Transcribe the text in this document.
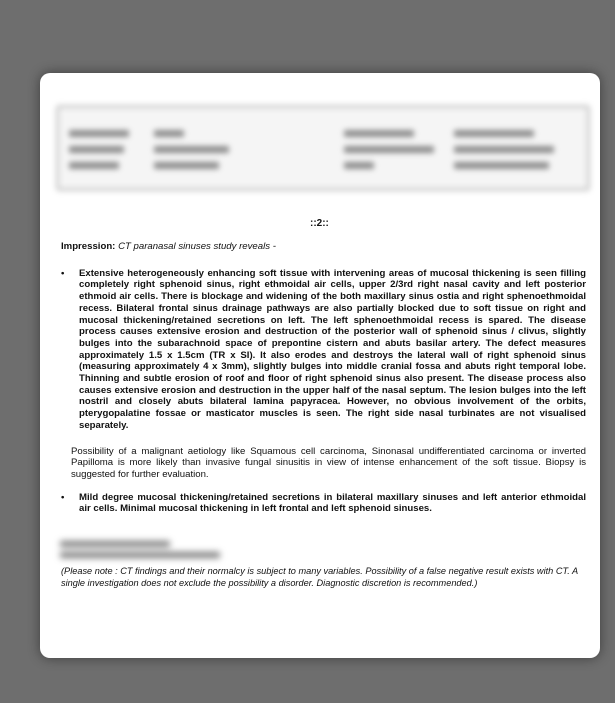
::2::
Impression: CT paranasal sinuses study reveals -
• Extensive heterogeneously enhancing soft tissue with intervening areas of mucosal thickening is seen filling completely right sphenoid sinus, right ethmoidal air cells, upper 2/3rd right nasal cavity and left posterior ethmoid air cells. There is blockage and widening of the both maxillary sinus ostia and right sphenoethmoidal recess. Bilateral frontal sinus drainage pathways are also partially blocked due to soft tissue on right and mucosal thickening/retained secretions on left. The left sphenoethmoidal recess is spared. The disease process causes extensive erosion and destruction of the posterior wall of sphenoid sinus / clivus, slightly bulges into the subarachnoid space of prepontine cistern and abuts basilar artery. The defect measures approximately 1.5 x 1.5cm (TR x SI). It also erodes and destroys the lateral wall of right sphenoid sinus (measuring approximately 4 x 3mm), slightly bulges into middle cranial fossa and abuts right temporal lobe. Thinning and subtle erosion of roof and floor of right sphenoid sinus also present. The disease process also causes extensive erosion and destruction in the upper half of the nasal septum. The lesion bulges into the left nostril and closely abuts bilateral lamina papyracea. However, no obvious involvement of the orbits, pterygopalatine fossae or masticator muscles is seen. The right side nasal turbinates are not visualised separately.
Possibility of a malignant aetiology like Squamous cell carcinoma, Sinonasal undifferentiated carcinoma or inverted Papilloma is more likely than invasive fungal sinusitis in view of intense enhancement of the soft tissue. Biopsy is suggested for further evaluation.
• Mild degree mucosal thickening/retained secretions in bilateral maxillary sinuses and left anterior ethmoidal air cells. Minimal mucosal thickening in left frontal and left sphenoid sinuses.
(Please note : CT findings and their normalcy is subject to many variables. Possibility of a false negative result exists with CT. A single investigation does not exclude the possibility a disorder. Diagnostic discretion is recommended.)
